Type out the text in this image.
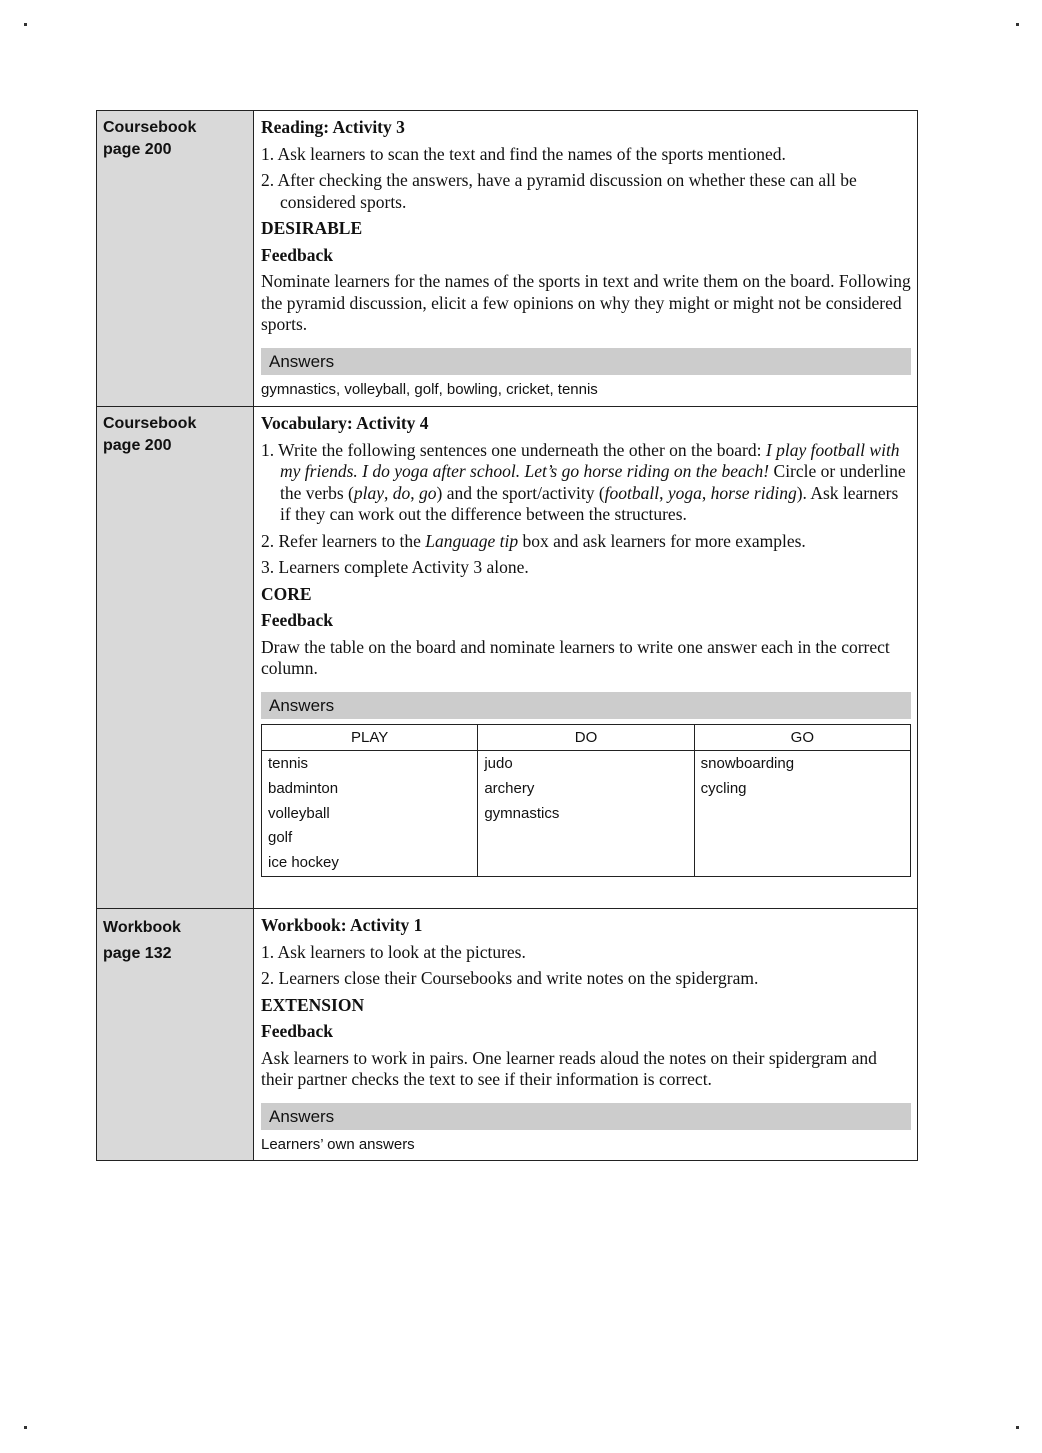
Coursebook
page 200
Reading: Activity 3
1. Ask learners to scan the text and find the names of the sports mentioned.
2. After checking the answers, have a pyramid discussion on whether these can all be considered sports.
DESIRABLE
Feedback
Nominate learners for the names of the sports in text and write them on the board. Following the pyramid discussion, elicit a few opinions on why they might or might not be considered sports.
Answers
gymnastics, volleyball, golf, bowling, cricket, tennis
Coursebook
page 200
Vocabulary: Activity 4
1. Write the following sentences one underneath the other on the board: I play football with my friends. I do yoga after school. Let’s go horse riding on the beach! Circle or underline the verbs (play, do, go) and the sport/activity (football, yoga, horse riding). Ask learners if they can work out the difference between the structures.
2. Refer learners to the Language tip box and ask learners for more examples.
3. Learners complete Activity 3 alone.
CORE
Feedback
Draw the table on the board and nominate learners to write one answer each in the correct column.
Answers
PLAY	DO	GO
tennis	judo	snowboarding
badminton	archery	cycling
volleyball	gymnastics	
golf		
ice hockey		
Workbook
page 132
Workbook: Activity 1
1. Ask learners to look at the pictures.
2. Learners close their Coursebooks and write notes on the spidergram.
EXTENSION
Feedback
Ask learners to work in pairs. One learner reads aloud the notes on their spidergram and their partner checks the text to see if their information is correct.
Answers
Learners’ own answers
